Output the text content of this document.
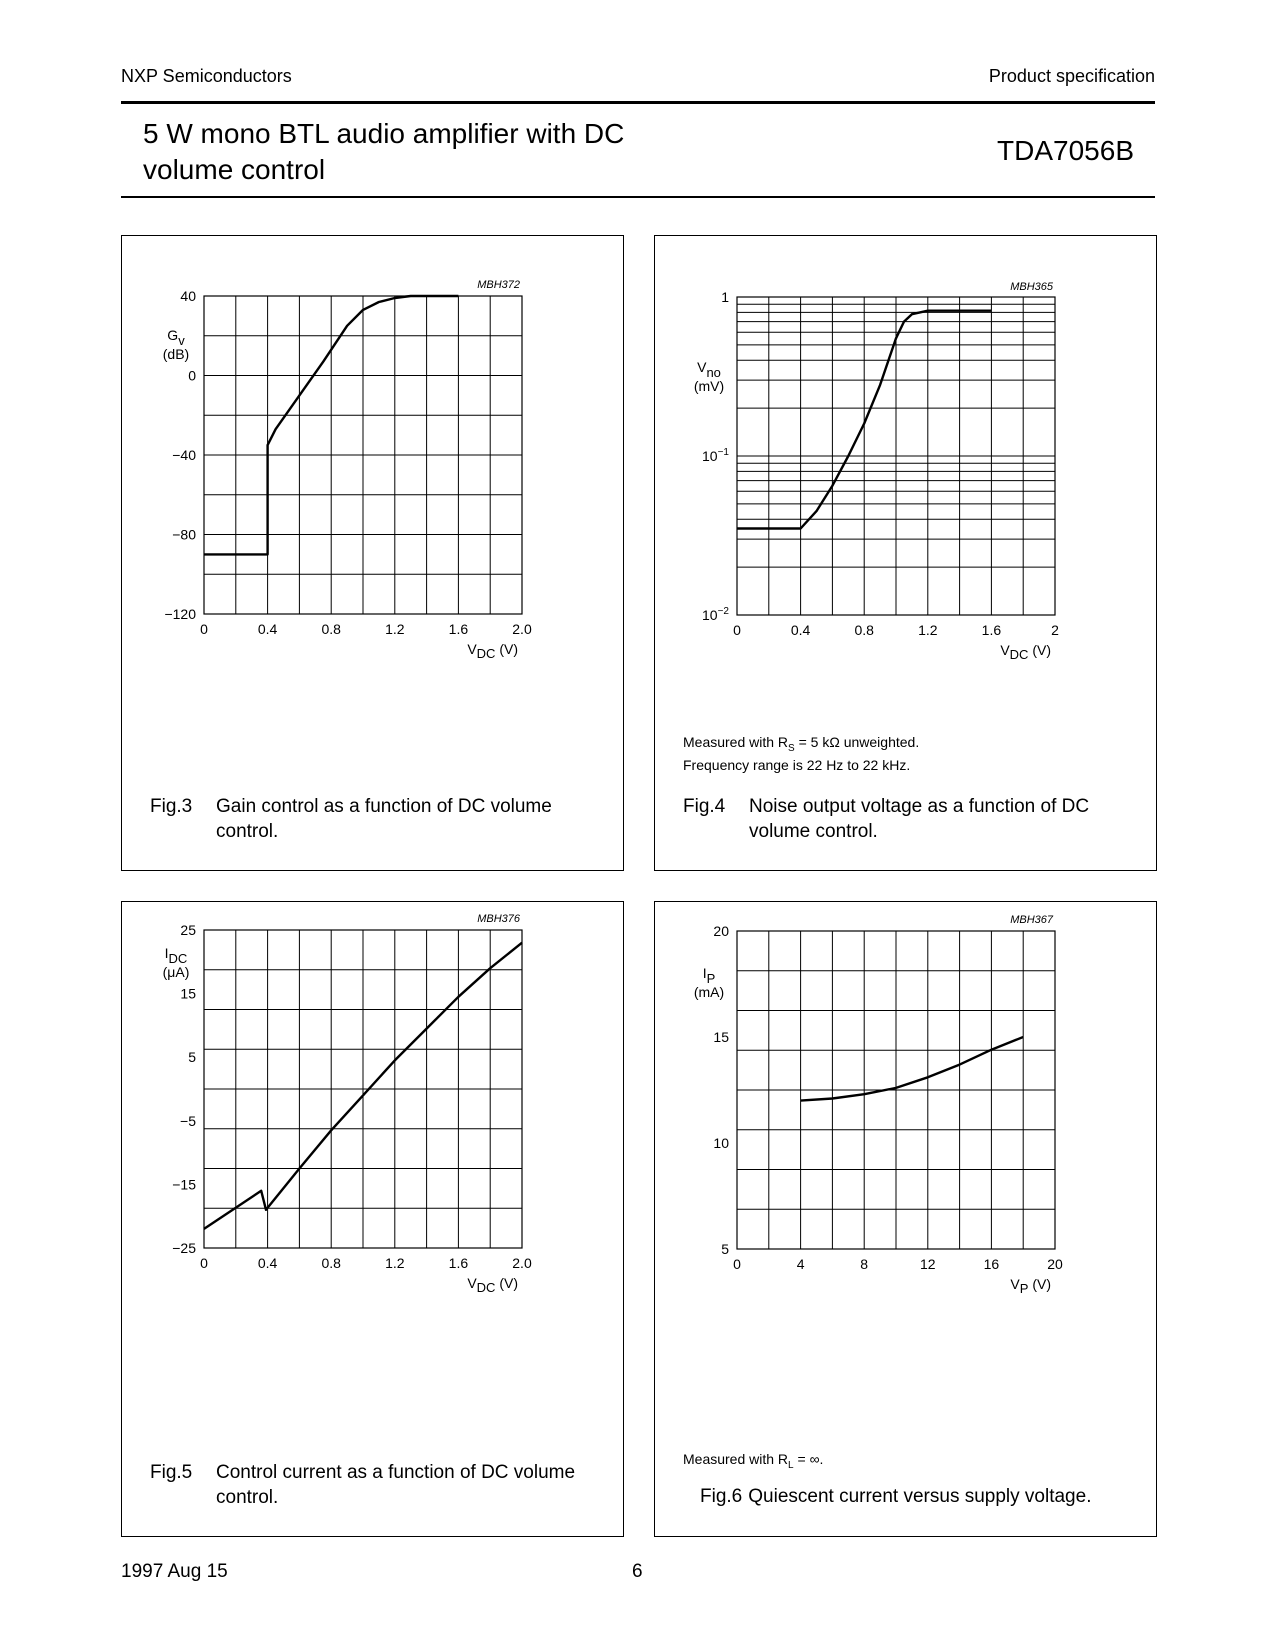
NXP Semiconductors	Product specification
5 W mono BTL audio amplifier with DC volume control
TDA7056B
0	0.4	0.8	1.2	1.6	2.0
40
0
−40
−80
−120
Gv
(dB)
VDC (V)
MBH372
Fig.3	Gain control as a function of DC volume control.
0	0.4	0.8	1.2	1.6	2
1
$10^{-1}$
$10^{-2}$
Vno
(mV)
VDC (V)
MBH365
Measured with $R_S = 5$ kΩ unweighted.
Frequency range is 22 Hz to 22 kHz.
Fig.4	Noise output voltage as a function of DC volume control.
0	0.4	0.8	1.2	1.6	2.0
25
15
5
−5
−15
−25
IDC
(μA)
VDC (V)
MBH376
Fig.5	Control current as a function of DC volume control.
0	4	8	12	16	20
20
15
10
5
IP
(mA)
VP (V)
MBH367
Measured with $R_L$ = ∞.
Fig.6 Quiescent current versus supply voltage.
1997 Aug 15	6
